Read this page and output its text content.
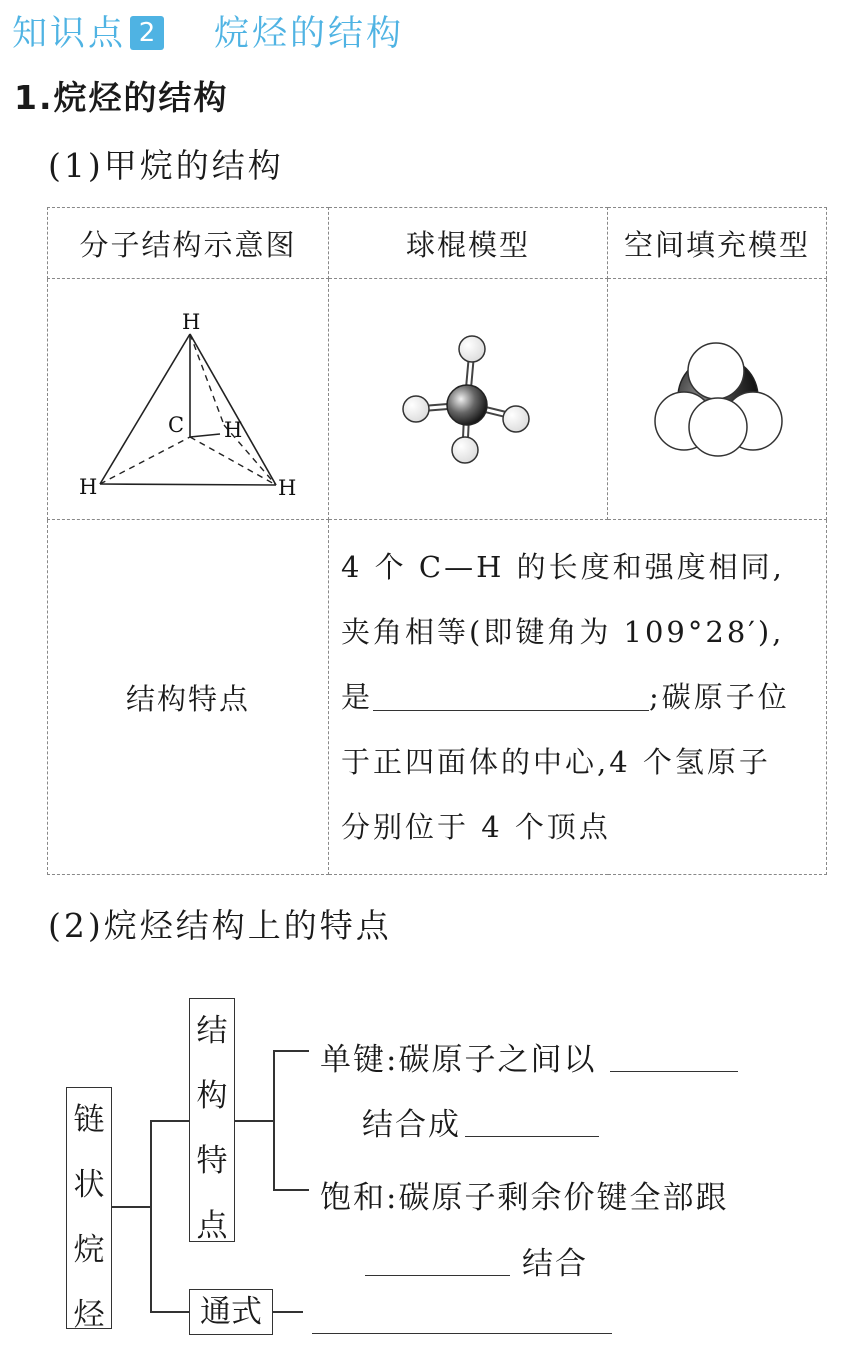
知识点 2 烷烃的结构
1.烷烃的结构
(1)甲烷的结构
分子结构示意图	球棍模型	空间填充模型

H
C H
H H

结构特点	4 个 C—H 的长度和强度相同,
夹角相等(即键角为 109°28′),
是 ;碳原子位
于正四面体的中心,4 个氢原子
分别位于 4 个顶点	
(2)烷烃结构上的特点
链状烷烃
结构特点
通式
单键:碳原子之间以
结合成
饱和:碳原子剩余价键全部跟
结合
